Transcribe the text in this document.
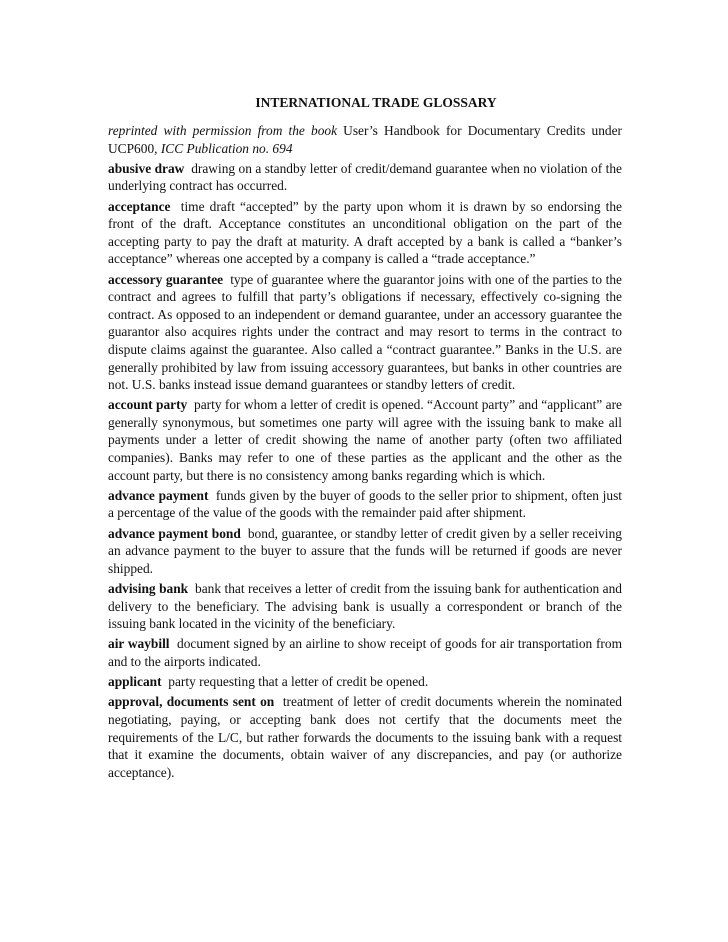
INTERNATIONAL TRADE GLOSSARY

reprinted with permission from the book User’s Handbook for Documentary Credits under UCP600, ICC Publication no. 694

abusive draw drawing on a standby letter of credit/demand guarantee when no violation of the underlying contract has occurred.

acceptance time draft “accepted” by the party upon whom it is drawn by so endorsing the front of the draft. Acceptance constitutes an unconditional obligation on the part of the accepting party to pay the draft at maturity. A draft accepted by a bank is called a “banker’s acceptance” whereas one accepted by a company is called a “trade acceptance.”

accessory guarantee type of guarantee where the guarantor joins with one of the parties to the contract and agrees to fulfill that party’s obligations if necessary, effectively co-signing the contract. As opposed to an independent or demand guarantee, under an accessory guarantee the guarantor also acquires rights under the contract and may resort to terms in the contract to dispute claims against the guarantee. Also called a “contract guarantee.” Banks in the U.S. are generally prohibited by law from issuing accessory guarantees, but banks in other countries are not. U.S. banks instead issue demand guarantees or standby letters of credit.

account party party for whom a letter of credit is opened. “Account party” and “applicant” are generally synonymous, but sometimes one party will agree with the issuing bank to make all payments under a letter of credit showing the name of another party (often two affiliated companies). Banks may refer to one of these parties as the applicant and the other as the account party, but there is no consistency among banks regarding which is which.

advance payment funds given by the buyer of goods to the seller prior to shipment, often just a percentage of the value of the goods with the remainder paid after shipment.

advance payment bond bond, guarantee, or standby letter of credit given by a seller receiving an advance payment to the buyer to assure that the funds will be returned if goods are never shipped.

advising bank bank that receives a letter of credit from the issuing bank for authentication and delivery to the beneficiary. The advising bank is usually a correspondent or branch of the issuing bank located in the vicinity of the beneficiary.

air waybill document signed by an airline to show receipt of goods for air transportation from and to the airports indicated.

applicant party requesting that a letter of credit be opened.

approval, documents sent on treatment of letter of credit documents wherein the nominated negotiating, paying, or accepting bank does not certify that the documents meet the requirements of the L/C, but rather forwards the documents to the issuing bank with a request that it examine the documents, obtain waiver of any discrepancies, and pay (or authorize acceptance).
